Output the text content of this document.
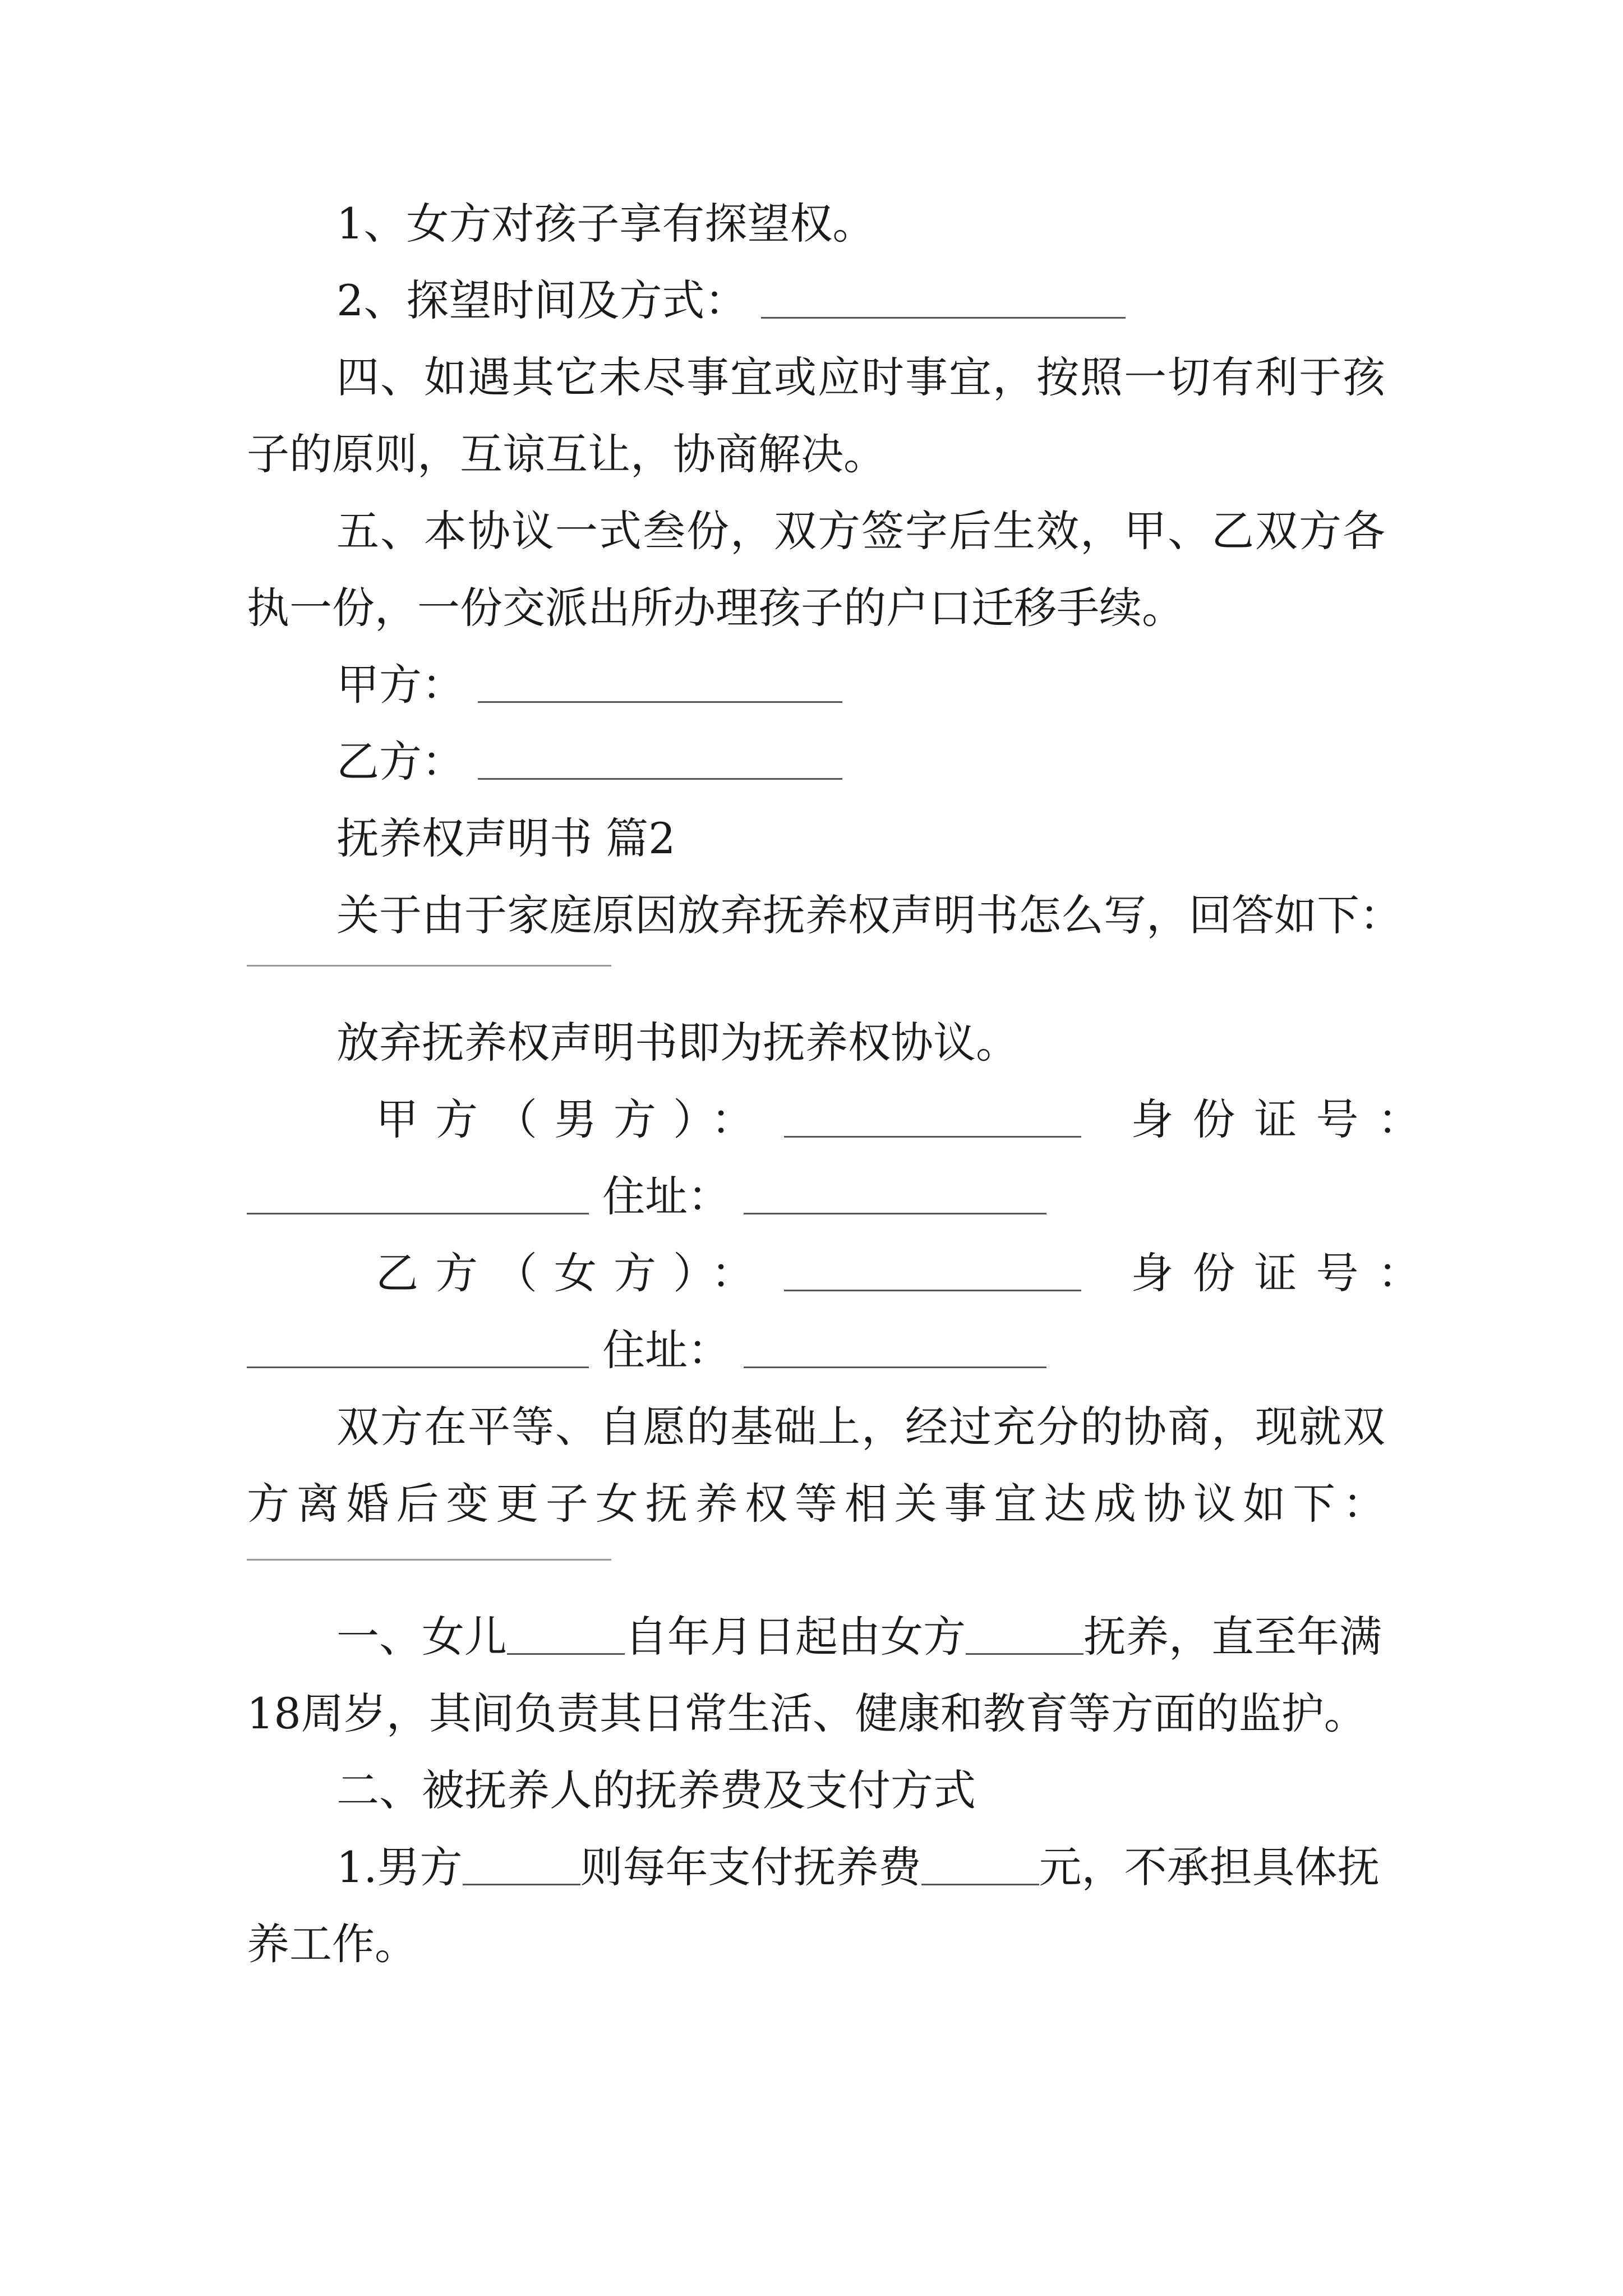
1、女方对孩子享有探望权。
2、探望时间及方式：
四、如遇其它未尽事宜或应时事宜，按照一切有利于孩
子的原则，互谅互让，协商解决。
五、本协议一式叁份，双方签字后生效，甲、乙双方各
执一份，一份交派出所办理孩子的户口迁移手续。
甲方：
乙方：
抚养权声明书 篇2
关于由于家庭原因放弃抚养权声明书怎么写，回答如下：
放弃抚养权声明书即为抚养权协议。
甲方（男方）：	身份证号：
住址：
乙方（女方）：	身份证号：
住址：
双方在平等、自愿的基础上，经过充分的协商，现就双
方离婚后变更子女抚养权等相关事宜达成协议如下：
一、女儿	自年月日起由女方	抚养，直至年满
18周岁，其间负责其日常生活、健康和教育等方面的监护。
二、被抚养人的抚养费及支付方式
1.男方	则每年支付抚养费	元，不承担具体抚
养工作。
